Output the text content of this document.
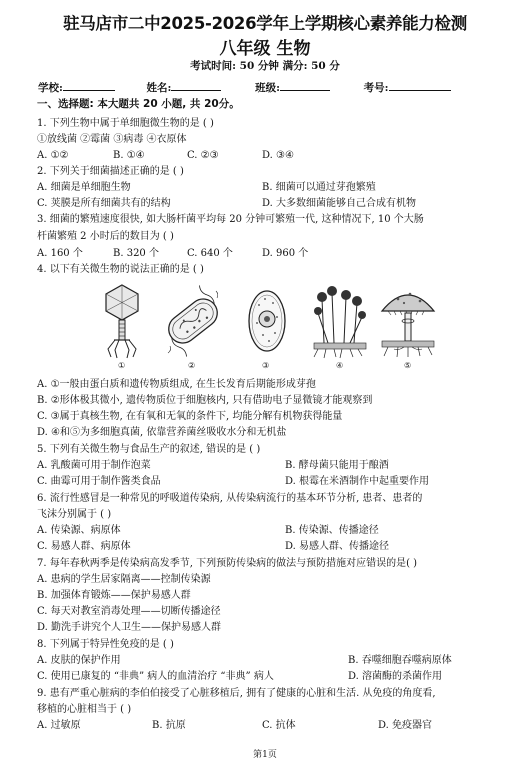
驻马店市二中2025-2026学年上学期核心素养能力检测
八年级 生物
考试时间: 50 分钟 满分: 50 分
学校:	姓名:	班级:	考号:
一、选择题: 本大题共 20 小题, 共 20分。
1. 下列生物中属于单细胞微生物的是 ( )
①放线菌 ②霉菌 ③病毒 ④衣原体
A. ①②	B. ①④	C. ②③	D. ③④
2. 下列关于细菌描述正确的是 ( )
A. 细菌是单细胞生物	B. 细菌可以通过芽孢繁殖
C. 荚膜是所有细菌共有的结构	D. 大多数细菌能够自己合成有机物
3. 细菌的繁殖速度很快, 如大肠杆菌平均每 20 分钟可繁殖一代, 这种情况下, 10 个大肠
杆菌繁殖 2 小时后的数目为 ( )
A. 160 个	B. 320 个	C. 640 个	D. 960 个
4. 以下有关微生物的说法正确的是 ( )
①	②	③	④	⑤
A. ①一般由蛋白质和遗传物质组成, 在生长发育后期能形成芽孢
B. ②形体极其微小, 遗传物质位于细胞核内, 只有借助电子显微镜才能观察到
C. ③属于真核生物, 在有氧和无氧的条件下, 均能分解有机物获得能量
D. ④和⑤为多细胞真菌, 依靠营养菌丝吸收水分和无机盐
5. 下列有关微生物与食品生产的叙述, 错误的是 ( )
A. 乳酸菌可用于制作泡菜	B. 酵母菌只能用于酿酒
C. 曲霉可用于制作酱类食品	D. 根霉在米酒制作中起重要作用
6. 流行性感冒是一种常见的呼吸道传染病, 从传染病流行的基本环节分析, 患者、患者的
飞沫分别属于 ( )
A. 传染源、病原体	B. 传染源、传播途径
C. 易感人群、病原体	D. 易感人群、传播途径
7. 每年春秋两季是传染病高发季节, 下列预防传染病的做法与预防措施对应错误的是( )
A. 患病的学生居家隔离——控制传染源
B. 加强体育锻炼——保护易感人群
C. 每天对教室消毒处理——切断传播途径
D. 勤洗手讲究个人卫生——保护易感人群
8. 下列属于特异性免疫的是 ( )
A. 皮肤的保护作用	B. 吞噬细胞吞噬病原体
C. 使用已康复的 “非典” 病人的血清治疗 “非典” 病人	D. 溶菌酶的杀菌作用
9. 患有严重心脏病的李伯伯接受了心脏移植后, 拥有了健康的心脏和生活. 从免疫的角度看,
移植的心脏相当于 ( )
A. 过敏原	B. 抗原	C. 抗体	D. 免疫器官
第1页
